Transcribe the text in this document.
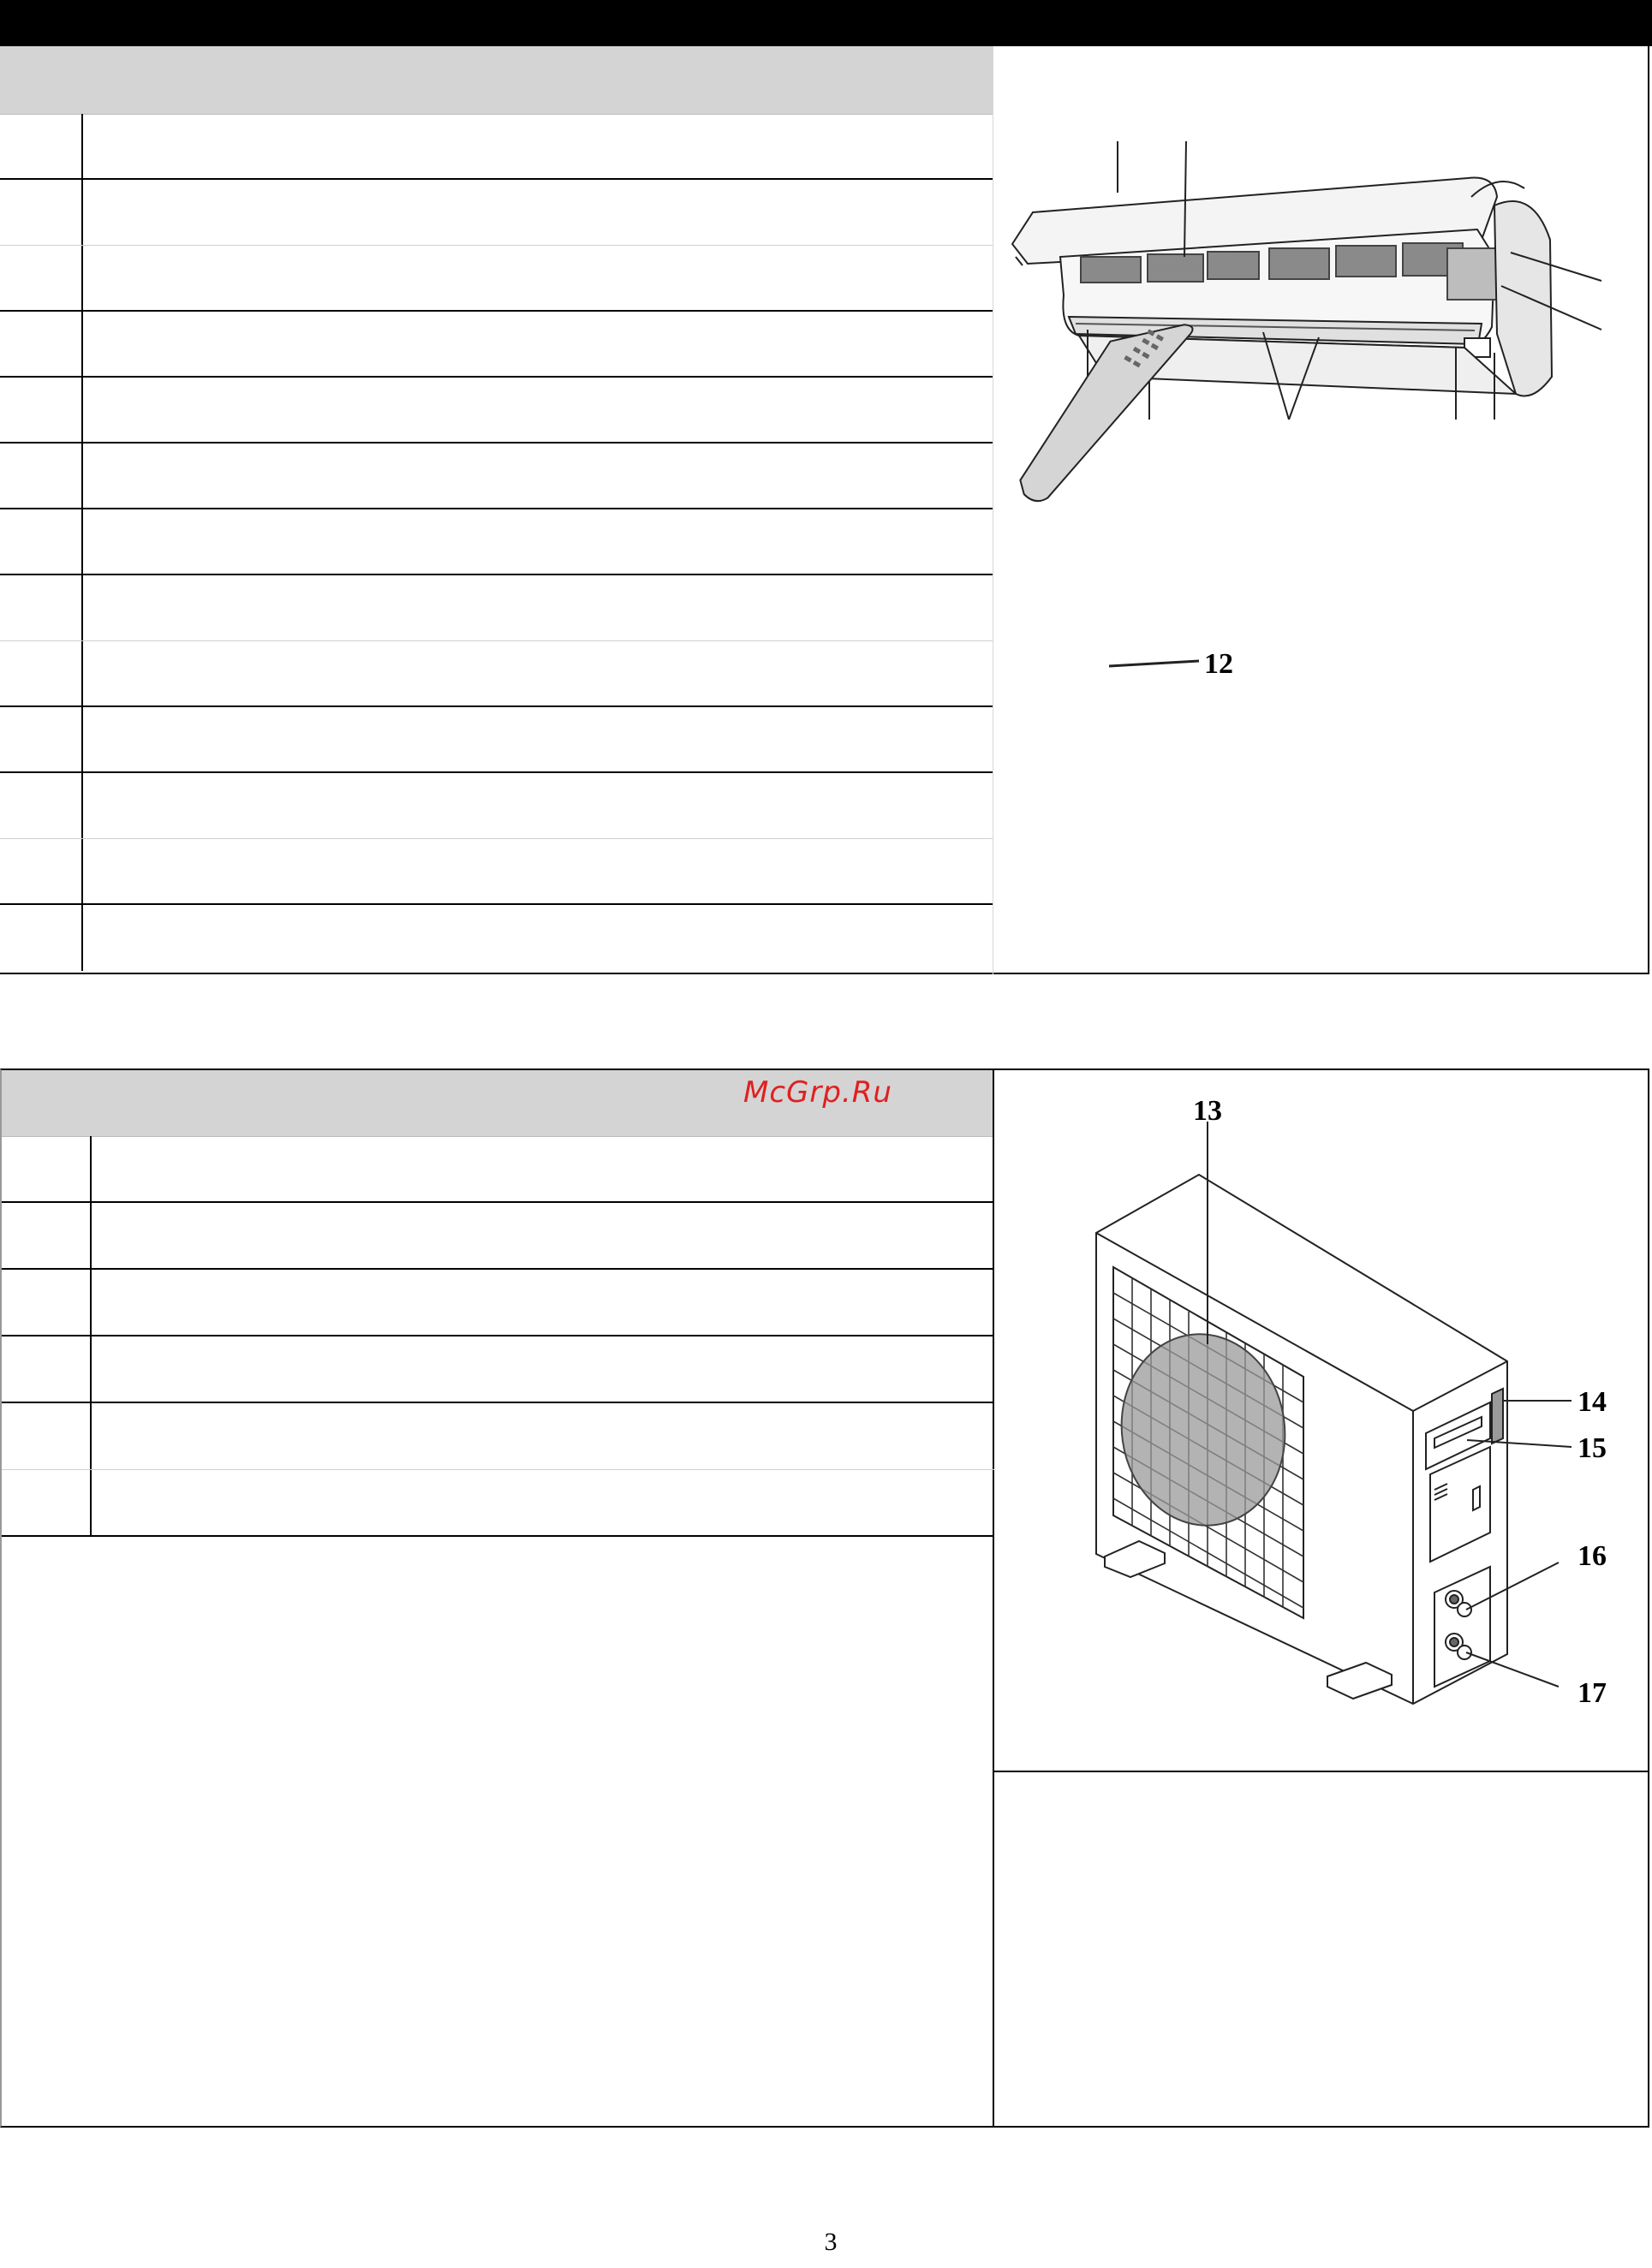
12
13
14
15
16
17
McGrp.Ru
3
